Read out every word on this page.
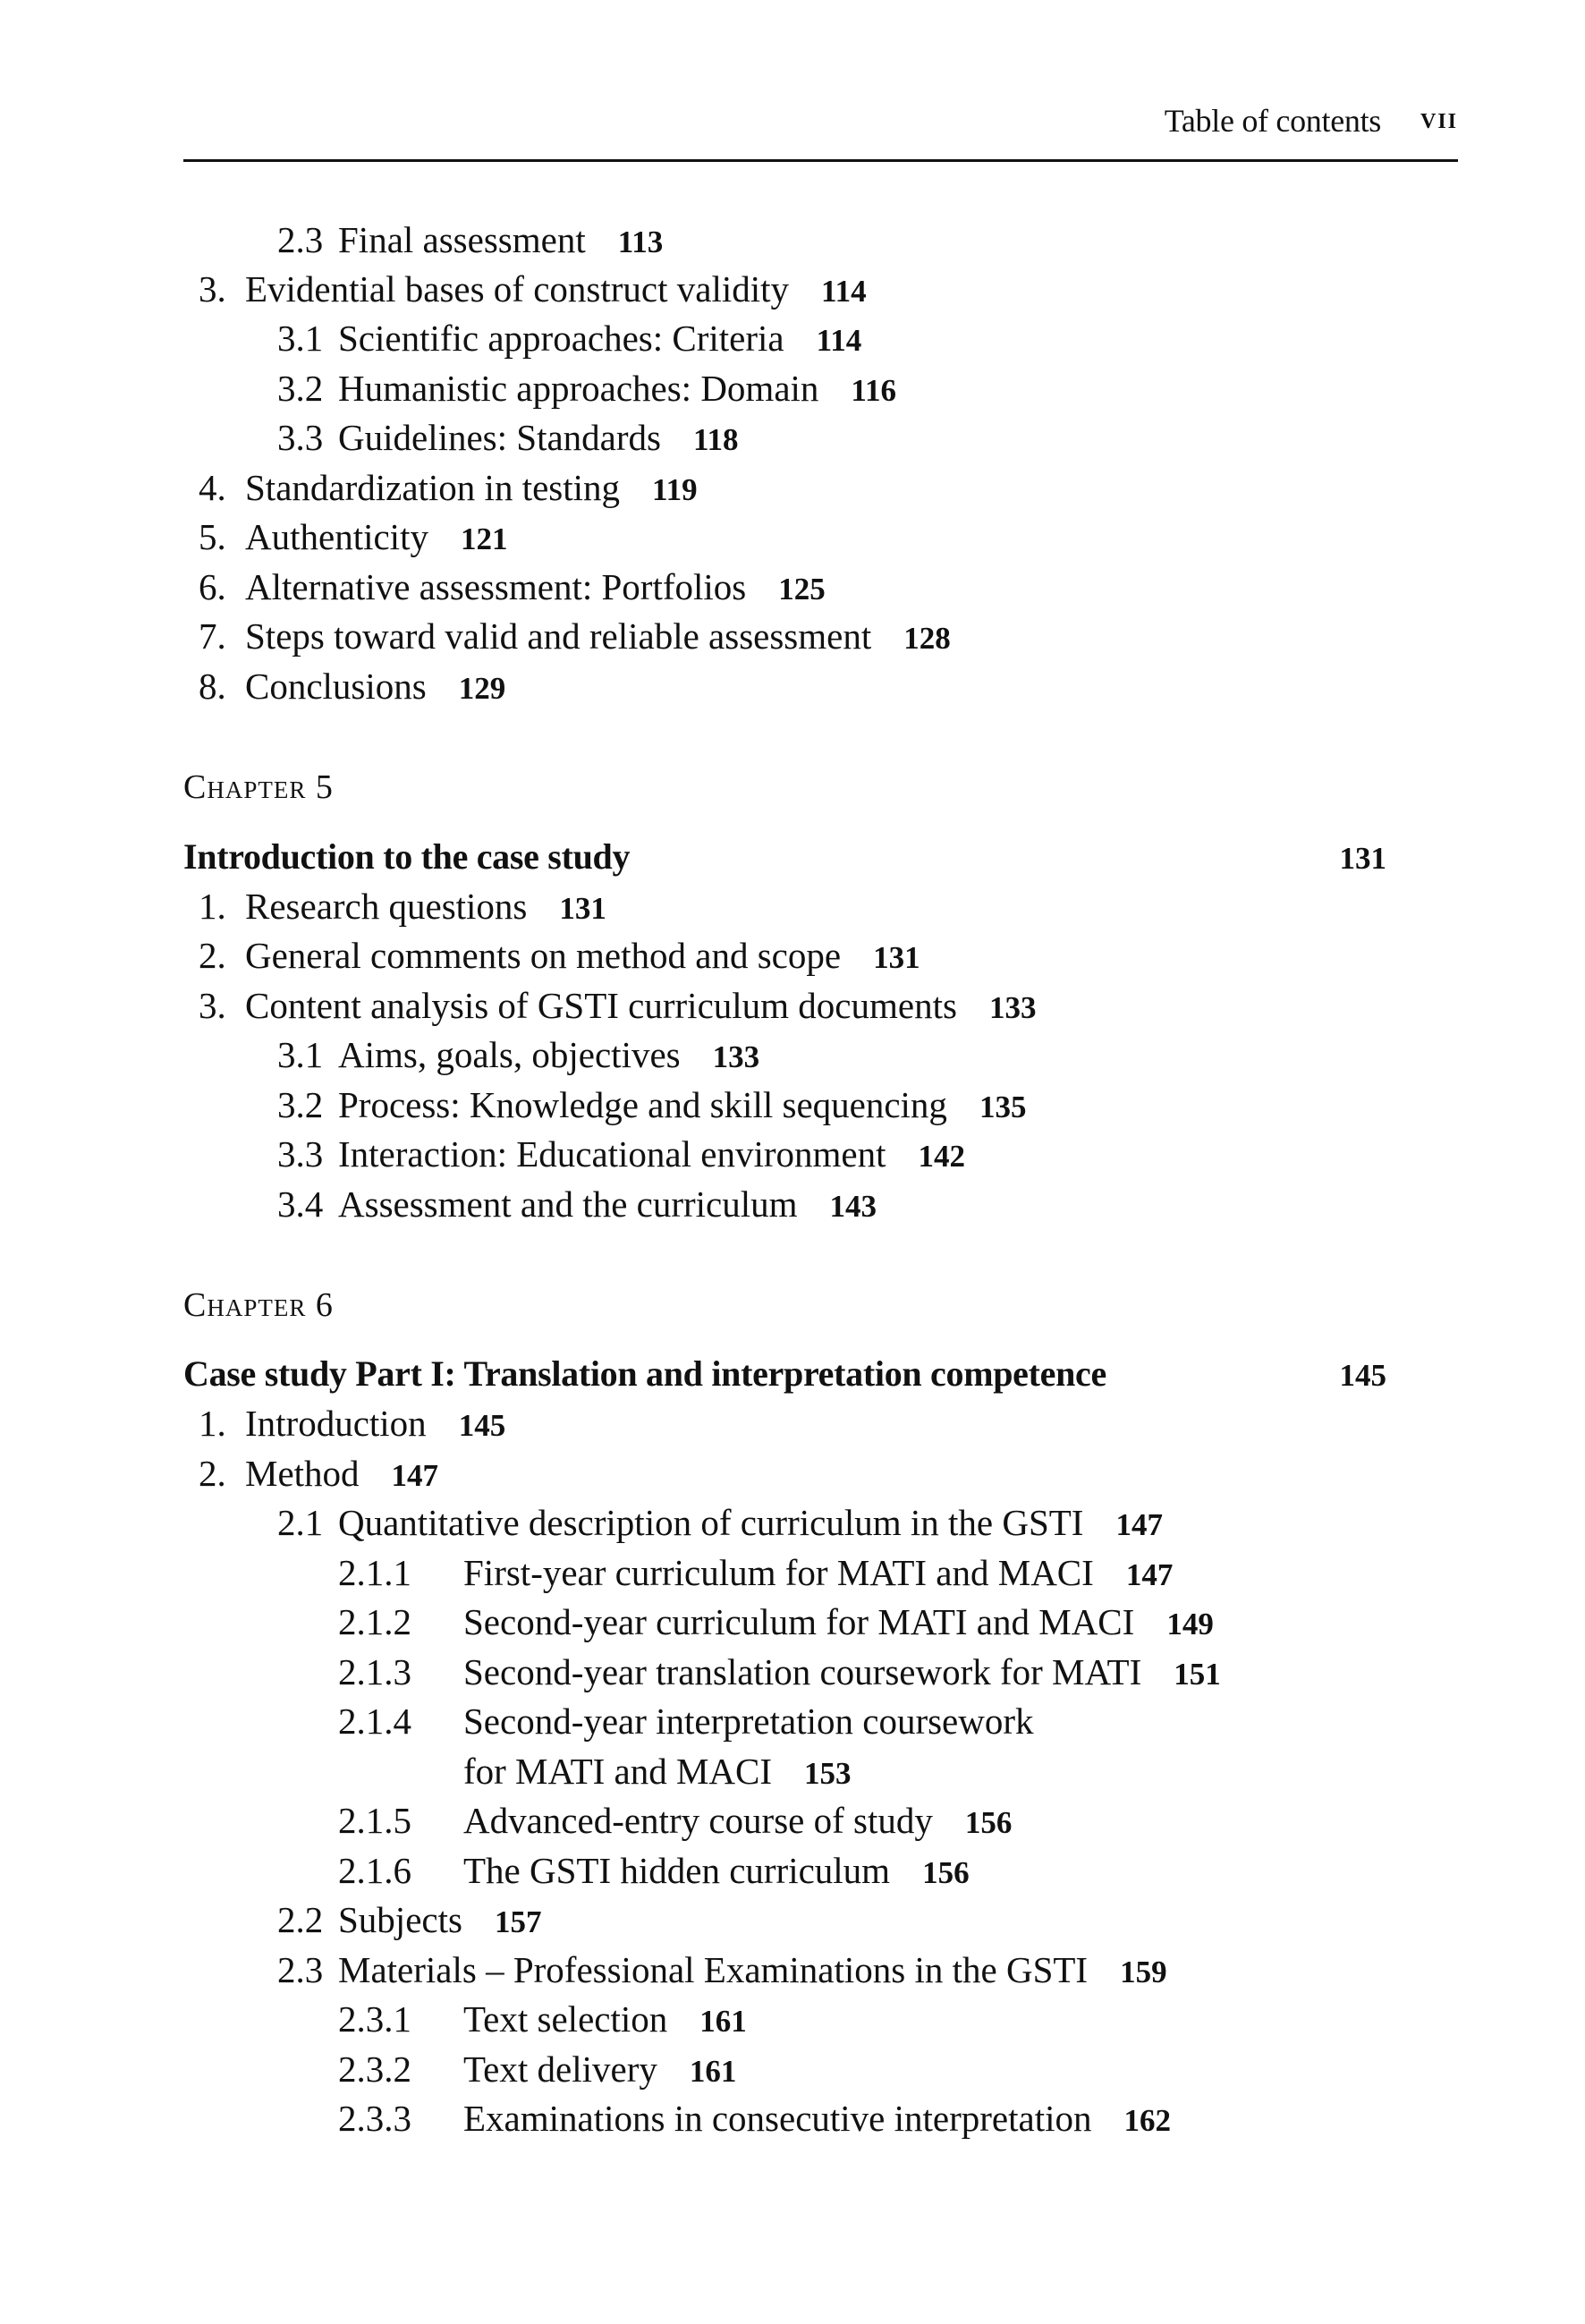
Table of contents vii
2.3 Final assessment 113
3. Evidential bases of construct validity 114
3.1 Scientific approaches: Criteria 114
3.2 Humanistic approaches: Domain 116
3.3 Guidelines: Standards 118
4. Standardization in testing 119
5. Authenticity 121
6. Alternative assessment: Portfolios 125
7. Steps toward valid and reliable assessment 128
8. Conclusions 129
Chapter 5
Introduction to the case study	131
1. Research questions 131
2. General comments on method and scope 131
3. Content analysis of GSTI curriculum documents 133
3.1 Aims, goals, objectives 133
3.2 Process: Knowledge and skill sequencing 135
3.3 Interaction: Educational environment 142
3.4 Assessment and the curriculum 143
Chapter 6
Case study Part I: Translation and interpretation competence	145
1. Introduction 145
2. Method 147
2.1 Quantitative description of curriculum in the GSTI 147
2.1.1 First-year curriculum for MATI and MACI 147
2.1.2 Second-year curriculum for MATI and MACI 149
2.1.3 Second-year translation coursework for MATI 151
2.1.4 Second-year interpretation coursework
for MATI and MACI 153
2.1.5 Advanced-entry course of study 156
2.1.6 The GSTI hidden curriculum 156
2.2 Subjects 157
2.3 Materials – Professional Examinations in the GSTI 159
2.3.1 Text selection 161
2.3.2 Text delivery 161
2.3.3 Examinations in consecutive interpretation 162
